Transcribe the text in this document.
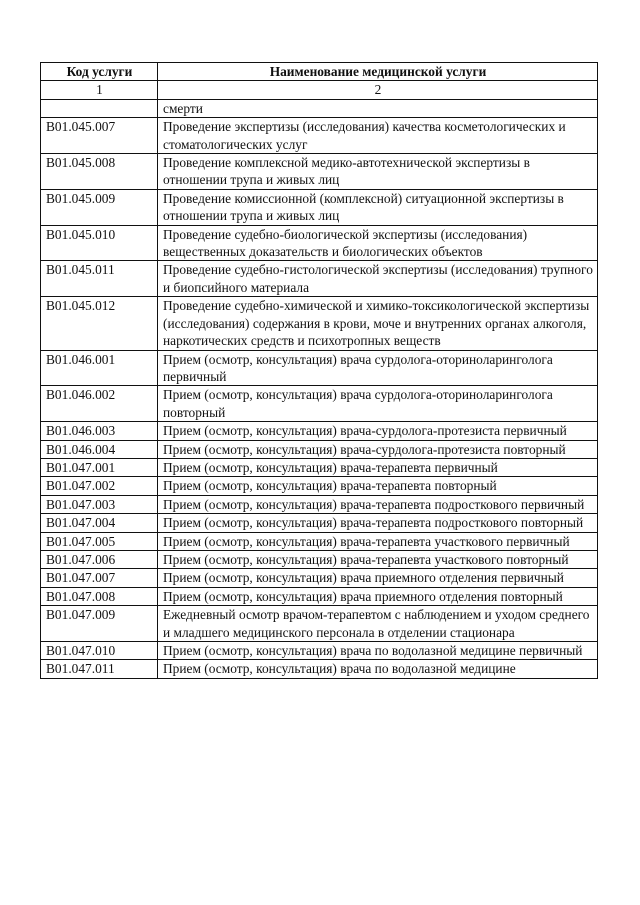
Код услуги	Наименование медицинской услуги
1	2
	смерти
B01.045.007	Проведение экспертизы (исследования) качества косметологических и стоматологических услуг
B01.045.008	Проведение комплексной медико-автотехнической экспертизы в отношении трупа и живых лиц
B01.045.009	Проведение комиссионной (комплексной) ситуационной экспертизы в отношении трупа и живых лиц
B01.045.010	Проведение судебно-биологической экспертизы (исследования) вещественных доказательств и биологических объектов
B01.045.011	Проведение судебно-гистологической экспертизы (исследования) трупного и биопсийного материала
B01.045.012	Проведение судебно-химической и химико-токсикологической экспертизы (исследования) содержания в крови, моче и внутренних органах алкоголя, наркотических средств и психотропных веществ
B01.046.001	Прием (осмотр, консультация) врача сурдолога-оториноларинголога первичный
B01.046.002	Прием (осмотр, консультация) врача сурдолога-оториноларинголога повторный
B01.046.003	Прием (осмотр, консультация) врача-сурдолога-протезиста первичный
B01.046.004	Прием (осмотр, консультация) врача-сурдолога-протезиста повторный
B01.047.001	Прием (осмотр, консультация) врача-терапевта первичный
B01.047.002	Прием (осмотр, консультация) врача-терапевта повторный
B01.047.003	Прием (осмотр, консультация) врача-терапевта подросткового первичный
B01.047.004	Прием (осмотр, консультация) врача-терапевта подросткового повторный
B01.047.005	Прием (осмотр, консультация) врача-терапевта участкового первичный
B01.047.006	Прием (осмотр, консультация) врача-терапевта участкового повторный
B01.047.007	Прием (осмотр, консультация) врача приемного отделения первичный
B01.047.008	Прием (осмотр, консультация) врача приемного отделения повторный
B01.047.009	Ежедневный осмотр врачом-терапевтом с наблюдением и уходом среднего и младшего медицинского персонала в отделении стационара
B01.047.010	Прием (осмотр, консультация) врача по водолазной медицине первичный
B01.047.011	Прием (осмотр, консультация) врача по водолазной медицине
